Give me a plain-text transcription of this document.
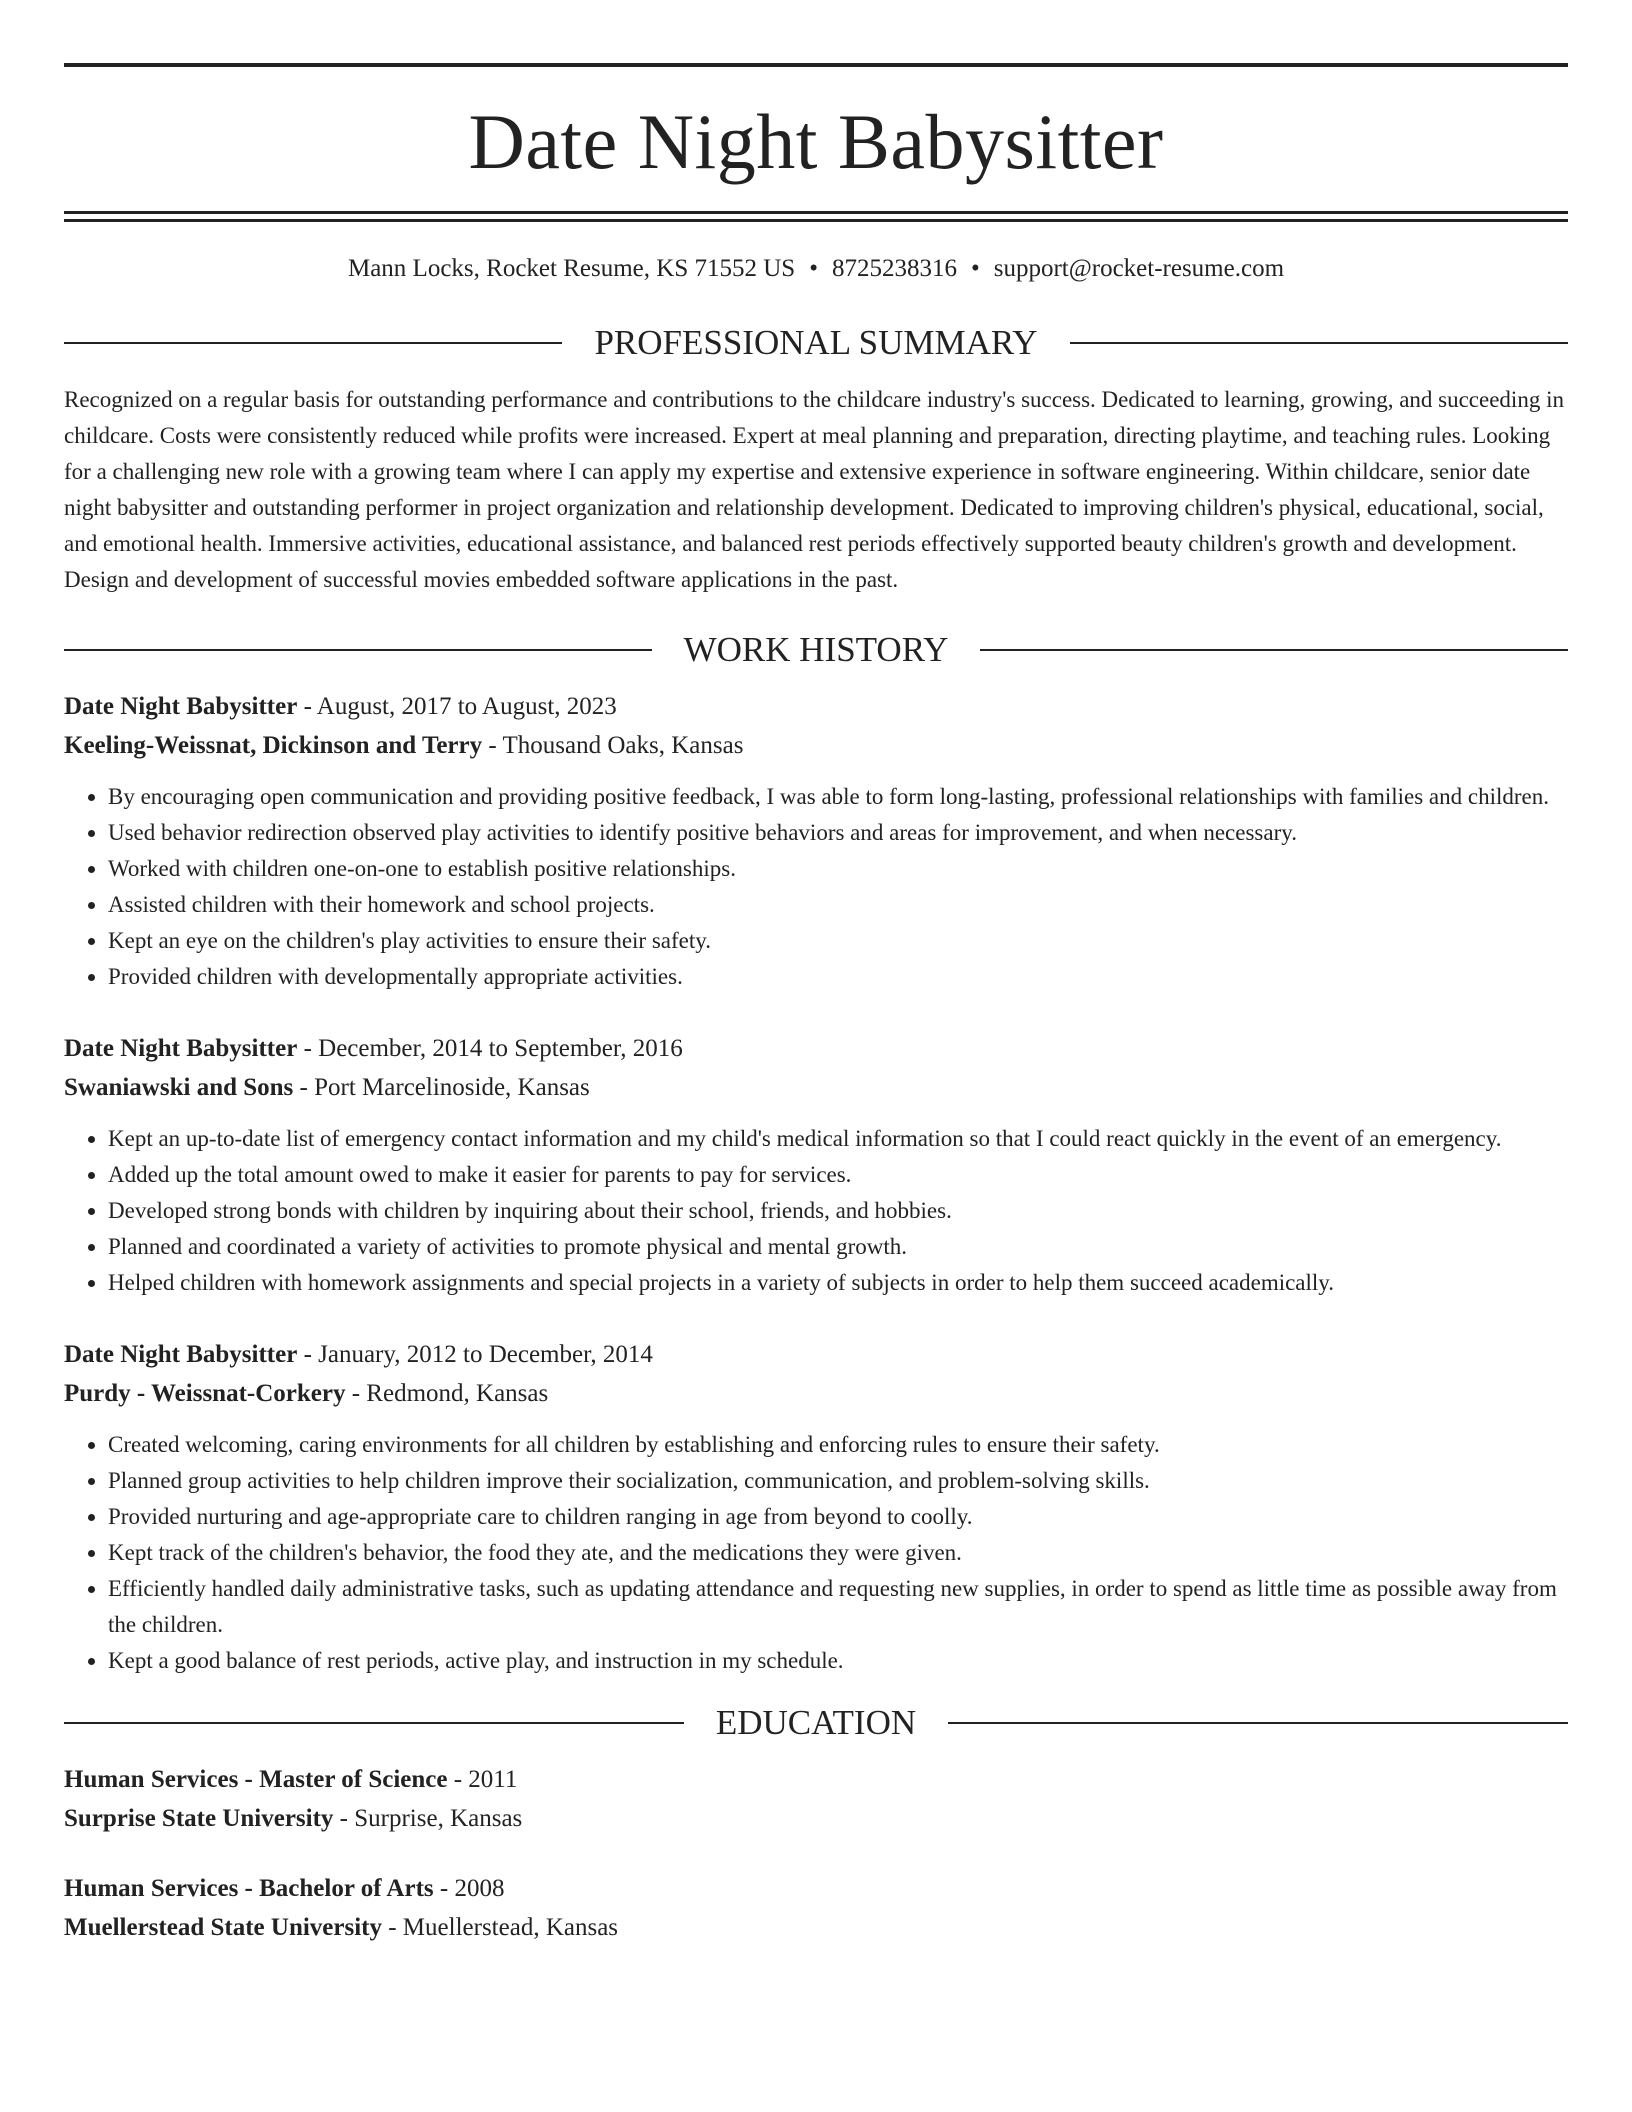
Date Night Babysitter
Mann Locks, Rocket Resume, KS 71552 US • 8725238316 • support@rocket-resume.com
PROFESSIONAL SUMMARY

Recognized on a regular basis for outstanding performance and contributions to the childcare industry's success. Dedicated to learning, growing, and succeeding in childcare. Costs were consistently reduced while profits were increased. Expert at meal planning and preparation, directing playtime, and teaching rules. Looking for a challenging new role with a growing team where I can apply my expertise and extensive experience in software engineering. Within childcare, senior date night babysitter and outstanding performer in project organization and relationship development. Dedicated to improving children's physical, educational, social, and emotional health. Immersive activities, educational assistance, and balanced rest periods effectively supported beauty children's growth and development. Design and development of successful movies embedded software applications in the past.

WORK HISTORY
Date Night Babysitter - August, 2017 to August, 2023
Keeling-Weissnat, Dickinson and Terry - Thousand Oaks, Kansas
• By encouraging open communication and providing positive feedback, I was able to form long-lasting, professional relationships with families and children.
• Used behavior redirection observed play activities to identify positive behaviors and areas for improvement, and when necessary.
• Worked with children one-on-one to establish positive relationships.
• Assisted children with their homework and school projects.
• Kept an eye on the children's play activities to ensure their safety.
• Provided children with developmentally appropriate activities.
Date Night Babysitter - December, 2014 to September, 2016
Swaniawski and Sons - Port Marcelinoside, Kansas
• Kept an up-to-date list of emergency contact information and my child's medical information so that I could react quickly in the event of an emergency.
• Added up the total amount owed to make it easier for parents to pay for services.
• Developed strong bonds with children by inquiring about their school, friends, and hobbies.
• Planned and coordinated a variety of activities to promote physical and mental growth.
• Helped children with homework assignments and special projects in a variety of subjects in order to help them succeed academically.
Date Night Babysitter - January, 2012 to December, 2014
Purdy - Weissnat-Corkery - Redmond, Kansas
• Created welcoming, caring environments for all children by establishing and enforcing rules to ensure their safety.
• Planned group activities to help children improve their socialization, communication, and problem-solving skills.
• Provided nurturing and age-appropriate care to children ranging in age from beyond to coolly.
• Kept track of the children's behavior, the food they ate, and the medications they were given.
• Efficiently handled daily administrative tasks, such as updating attendance and requesting new supplies, in order to spend as little time as possible away from the children.
• Kept a good balance of rest periods, active play, and instruction in my schedule.
EDUCATION
Human Services - Master of Science - 2011
Surprise State University - Surprise, Kansas
Human Services - Bachelor of Arts - 2008
Muellerstead State University - Muellerstead, Kansas
